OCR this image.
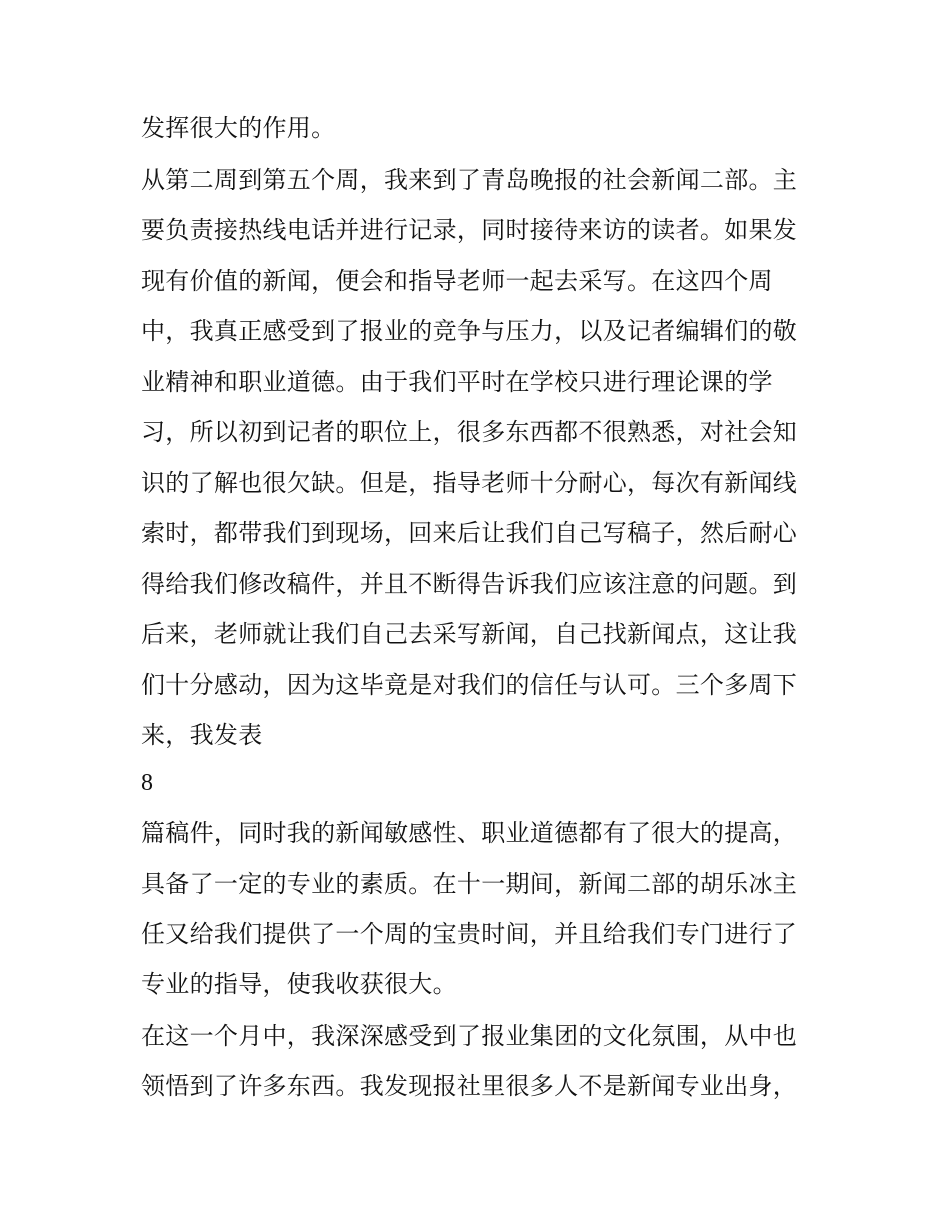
发挥很大的作用。
从第二周到第五个周，我来到了青岛晚报的社会新闻二部。主
要负责接热线电话并进行记录，同时接待来访的读者。如果发
现有价值的新闻，便会和指导老师一起去采写。在这四个周
中，我真正感受到了报业的竞争与压力，以及记者编辑们的敬
业精神和职业道德。由于我们平时在学校只进行理论课的学
习，所以初到记者的职位上，很多东西都不很熟悉，对社会知
识的了解也很欠缺。但是，指导老师十分耐心，每次有新闻线
索时，都带我们到现场，回来后让我们自己写稿子，然后耐心
得给我们修改稿件，并且不断得告诉我们应该注意的问题。到
后来，老师就让我们自己去采写新闻，自己找新闻点，这让我
们十分感动，因为这毕竟是对我们的信任与认可。三个多周下
来，我发表
8
篇稿件，同时我的新闻敏感性、职业道德都有了很大的提高，
具备了一定的专业的素质。在十一期间，新闻二部的胡乐冰主
任又给我们提供了一个周的宝贵时间，并且给我们专门进行了
专业的指导，使我收获很大。
在这一个月中，我深深感受到了报业集团的文化氛围，从中也
领悟到了许多东西。我发现报社里很多人不是新闻专业出身，
